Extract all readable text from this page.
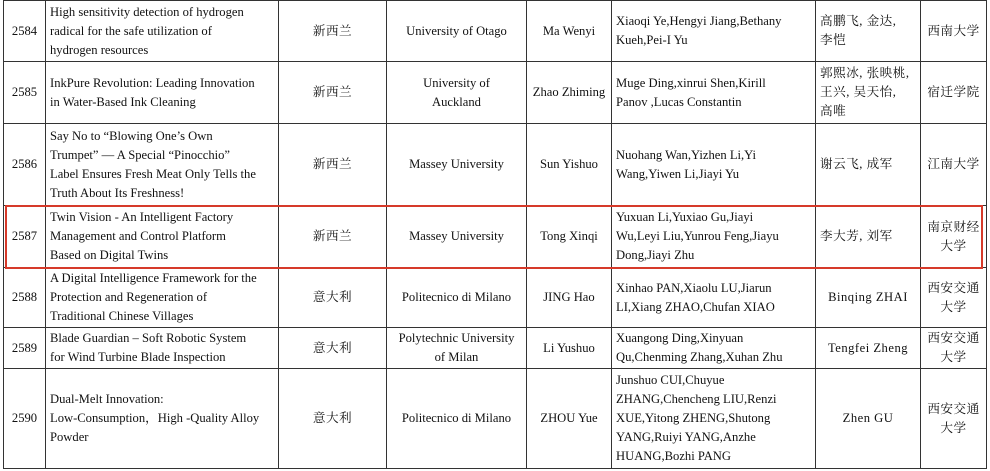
2584	High sensitivity detection of hydrogen
radical for the safe utilization of
hydrogen resources	新西兰	University of Otago	Ma Wenyi	Xiaoqi Ye,Hengyi Jiang,Bethany
Kueh,Pei-I Yu	高鹏飞, 金达,
李恺	西南大学
2585	InkPure Revolution: Leading Innovation
in Water-Based Ink Cleaning	新西兰	University of
Auckland	Zhao Zhiming	Muge Ding,xinrui Shen,Kirill
Panov ,Lucas Constantin	郭熙冰, 张映桃,
王兴, 吴天怡,
高唯	宿迁学院
2586	Say No to “Blowing One’s Own
Trumpet” — A Special “Pinocchio”
Label Ensures Fresh Meat Only Tells the
Truth About Its Freshness!	新西兰	Massey University	Sun Yishuo	Nuohang Wan,Yizhen Li,Yi
Wang,Yiwen Li,Jiayi Yu	谢云飞, 成军	江南大学
2587	Twin Vision - An Intelligent Factory
Management and Control Platform
Based on Digital Twins	新西兰	Massey University	Tong Xinqi	Yuxuan Li,Yuxiao Gu,Jiayi
Wu,Leyi Liu,Yunrou Feng,Jiayu
Dong,Jiayi Zhu	李大芳, 刘军	南京财经
大学
2588	A Digital Intelligence Framework for the
Protection and Regeneration of
Traditional Chinese Villages	意大利	Politecnico di Milano	JING Hao	Xinhao PAN,Xiaolu LU,Jiarun
LI,Xiang ZHAO,Chufan XIAO	Binqing ZHAI	西安交通
大学
2589	Blade Guardian – Soft Robotic System
for Wind Turbine Blade Inspection	意大利	Polytechnic University
of Milan	Li Yushuo	Xuangong Ding,Xinyuan
Qu,Chenming Zhang,Xuhan Zhu	Tengfei Zheng	西安交通
大学
2590	Dual-Melt Innovation:
Low-Consumption，High -Quality Alloy
Powder	意大利	Politecnico di Milano	ZHOU Yue	Junshuo CUI,Chuyue
ZHANG,Chencheng LIU,Renzi
XUE,Yitong ZHENG,Shutong
YANG,Ruiyi YANG,Anzhe
HUANG,Bozhi PANG	Zhen GU	西安交通
大学
